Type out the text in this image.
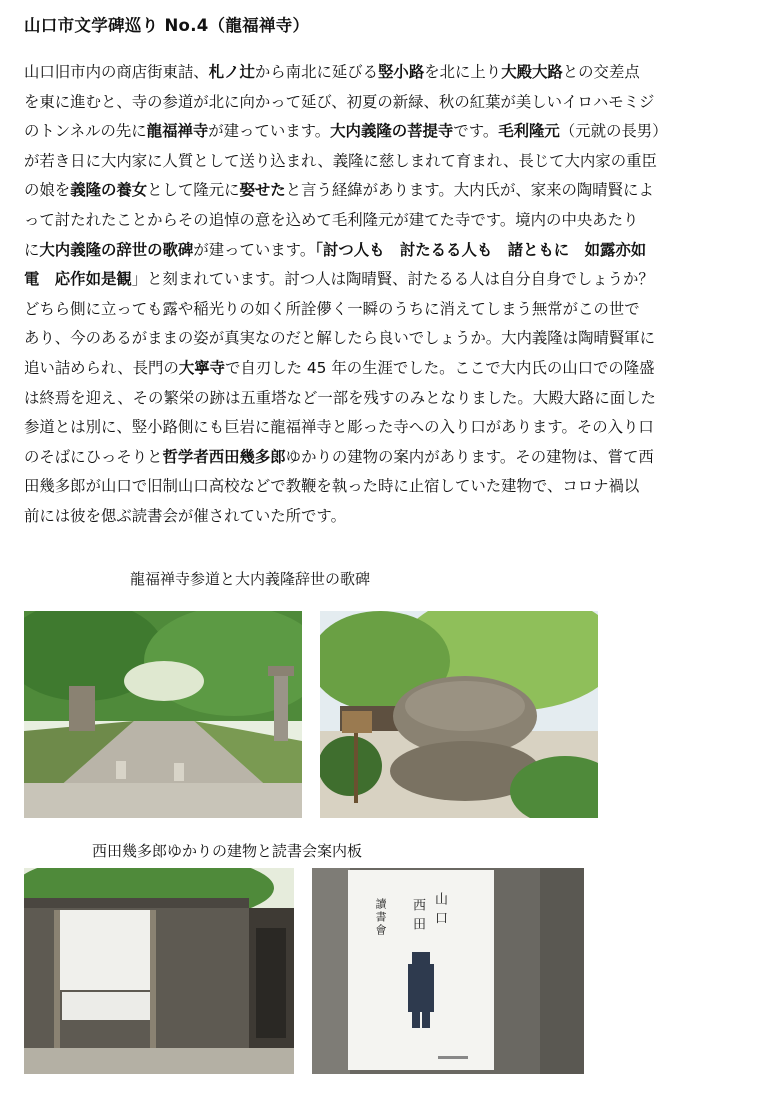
山口市文学碑巡り No.4（龍福禅寺）
山口旧市内の商店街東詰、札ノ辻から南北に延びる竪小路を北に上り大殿大路との交差点
を東に進むと、寺の参道が北に向かって延び、初夏の新緑、秋の紅葉が美しいイロハモミジ
のトンネルの先に龍福禅寺が建っています。大内義隆の菩提寺です。毛利隆元（元就の長男）
が若き日に大内家に人質として送り込まれ、義隆に慈しまれて育まれ、長じて大内家の重臣
の娘を義隆の養女として隆元に娶せたと言う経緯があります。大内氏が、家来の陶晴賢によ
って討たれたことからその追悼の意を込めて毛利隆元が建てた寺です。境内の中央あたり
に大内義隆の辞世の歌碑が建っています。「討つ人も　討たるる人も　諸ともに　如露亦如
電　応作如是観」と刻まれています。討つ人は陶晴賢、討たるる人は自分自身でしょうか？
どちら側に立っても露や稲光りの如く所詮儚く一瞬のうちに消えてしまう無常がこの世で
あり、今のあるがままの姿が真実なのだと解したら良いでしょうか。大内義隆は陶晴賢軍に
追い詰められ、長門の大寧寺で自刃した 45 年の生涯でした。ここで大内氏の山口での隆盛
は終焉を迎え、その繁栄の跡は五重塔など一部を残すのみとなりました。大殿大路に面した
参道とは別に、竪小路側にも巨岩に龍福禅寺と彫った寺への入り口があります。その入り口
のそばにひっそりと哲学者西田幾多郎ゆかりの建物の案内があります。その建物は、嘗て西
田幾多郎が山口で旧制山口高校などで教鞭を執った時に止宿していた建物で、コロナ禍以
前には彼を偲ぶ読書会が催されていた所です。
龍福禅寺参道と大内義隆辞世の歌碑
西田幾多郎ゆかりの建物と読書会案内板
山口
西田
讀書會
